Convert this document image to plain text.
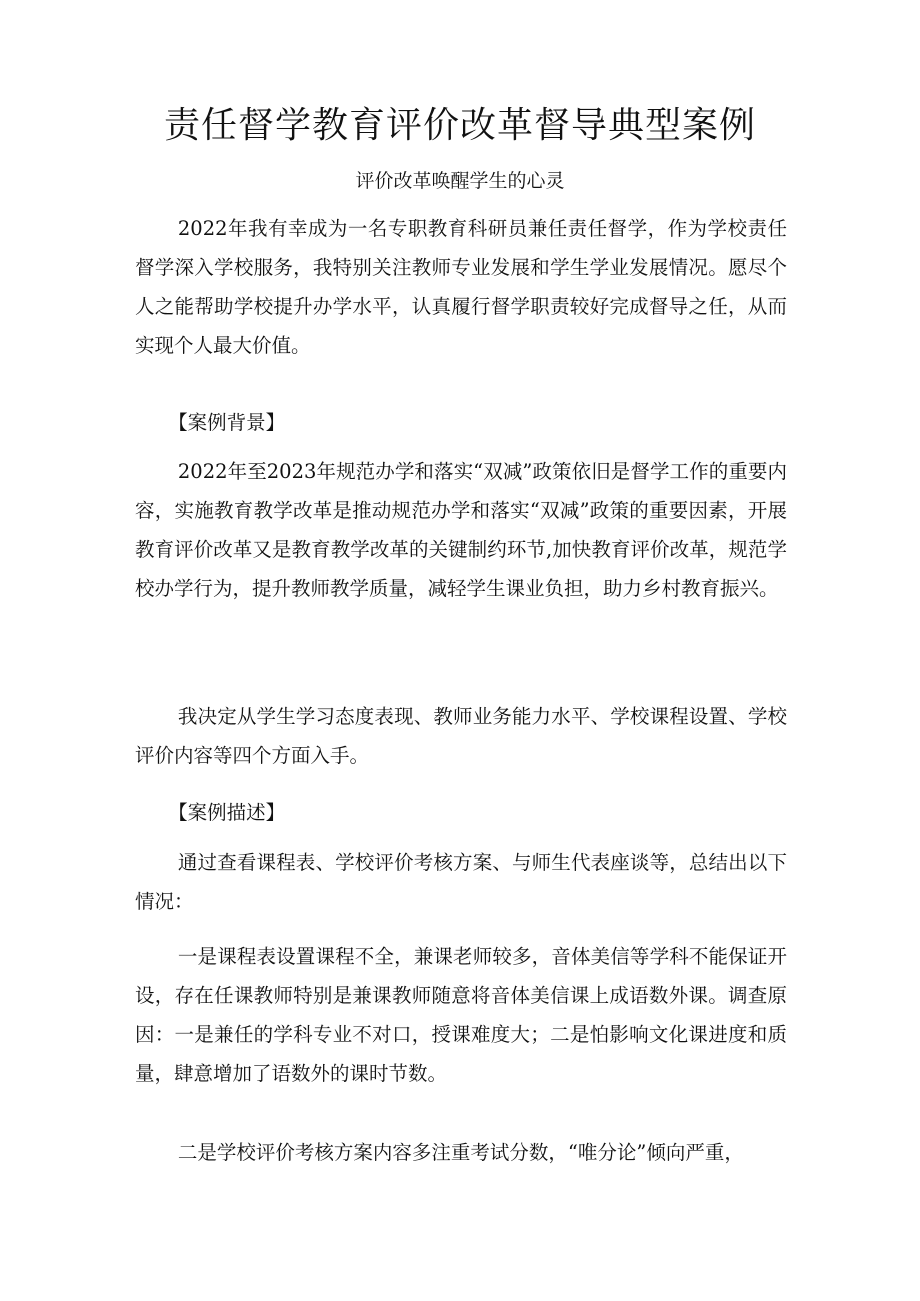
责任督学教育评价改革督导典型案例

评价改革唤醒学生的心灵

2022年我有幸成为一名专职教育科研员兼任责任督学，作为学校责任督学深入学校服务，我特别关注教师专业发展和学生学业发展情况。愿尽个人之能帮助学校提升办学水平，认真履行督学职责较好完成督导之任，从而实现个人最大价值。

【案例背景】

2022年至2023年规范办学和落实“双减”政策依旧是督学工作的重要内容，实施教育教学改革是推动规范办学和落实“双减”政策的重要因素，开展教育评价改革又是教育教学改革的关键制约环节,加快教育评价改革，规范学校办学行为，提升教师教学质量，减轻学生课业负担，助力乡村教育振兴。

我决定从学生学习态度表现、教师业务能力水平、学校课程设置、学校评价内容等四个方面入手。

【案例描述】

通过查看课程表、学校评价考核方案、与师生代表座谈等，总结出以下情况：

一是课程表设置课程不全，兼课老师较多，音体美信等学科不能保证开设，存在任课教师特别是兼课教师随意将音体美信课上成语数外课。调查原因：一是兼任的学科专业不对口，授课难度大；二是怕影响文化课进度和质量，肆意增加了语数外的课时节数。

二是学校评价考核方案内容多注重考试分数，“唯分论”倾向严重，
